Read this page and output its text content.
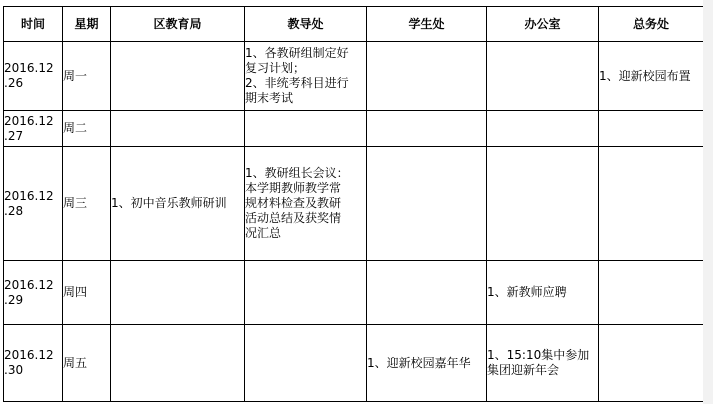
时间	星期	区教育局	教导处	学生处	办公室	总务处

2016.12
.26	周一		1、各教研组制定好
复习计划；
2、非统考科目进行
期末考试			1、迎新校园布置

2016.12
.27	周二					

2016.12
.28	周三	1、初中音乐教师研训	1、教研组长会议：
本学期教师教学常
规材料检查及教研
活动总结及获奖情
况汇总			

2016.12
.29	周四				1、新教师应聘	

2016.12
.30	周五			1、迎新校园嘉年华	1、15:10集中参加集团迎新年会	
